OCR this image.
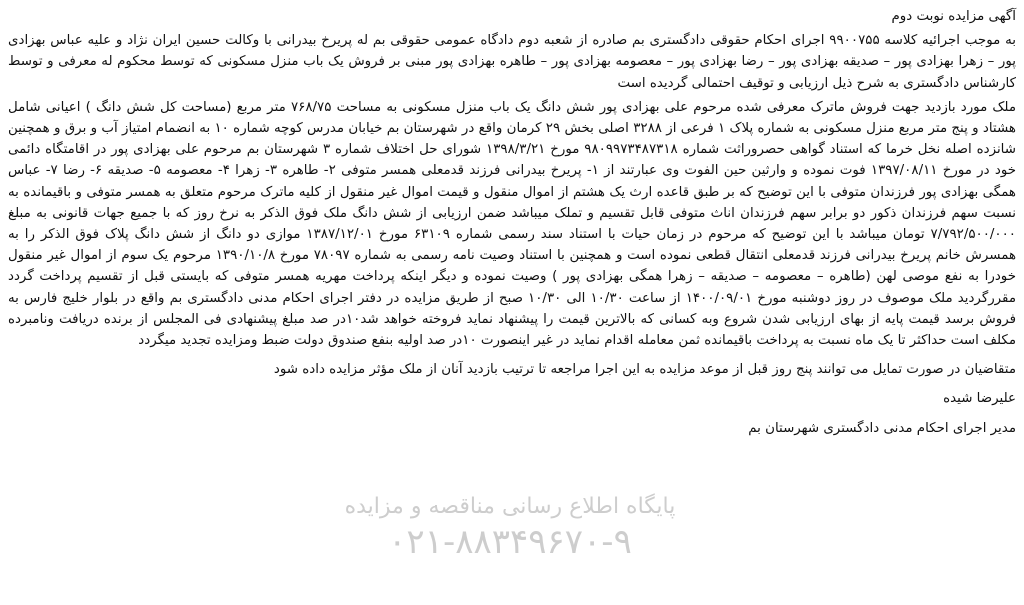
آگهی مزایده نوبت دوم

به موجب اجرائیه کلاسه ۹۹۰۰۷۵۵ اجرای احکام حقوقی دادگستری بم صادره از شعبه دوم دادگاه عمومی حقوقی بم له پریرخ بیدرانی با وکالت حسین ایران نژاد و علیه عباس بهزادی پور – زهرا بهزادی پور – صدیقه بهزادی پور – رضا بهزادی پور – معصومه بهزادی پور – طاهره بهزادی پور مبنی بر فروش یک باب منزل مسکونی که توسط محکوم له معرفی و توسط کارشناس دادگستری به شرح ذیل ارزیابی و توقیف احتمالی گردیده است

ملک مورد بازدید جهت فروش ماترک معرفی شده مرحوم علی بهزادی پور شش دانگ یک باب منزل مسکونی به مساحت ۷۶۸/۷۵ متر مربع (مساحت کل شش دانگ ) اعیانی شامل هشتاد و پنج متر مربع منزل مسکونی به شماره پلاک ۱ فرعی از ۳۲۸۸ اصلی بخش ۲۹ کرمان واقع در شهرستان بم خیابان مدرس کوچه شماره ۱۰ به انضمام امتیاز آب و برق و همچنین شانزده اصله نخل خرما که استناد گواهی حصروراثت شماره ۹۸۰۹۹۷۳۴۸۷۳۱۸ مورخ ۱۳۹۸/۳/۲۱ شورای حل اختلاف شماره ۳ شهرستان بم مرحوم علی بهزادی پور در اقامتگاه دائمی خود در مورخ ۱۳۹۷/۰۸/۱۱ فوت نموده و وارثین حین الفوت وی عبارتند از ۱- پریرخ بیدرانی فرزند قدمعلی همسر متوفی ۲- طاهره ۳- زهرا ۴- معصومه ۵- صدیقه ۶- رضا ۷- عباس همگی بهزادی پور فرزندان متوفی با این توضیح که بر طبق قاعده ارث یک هشتم از اموال منقول و قیمت اموال غیر منقول از کلیه ماترک مرحوم متعلق به همسر متوفی و باقیمانده به نسبت سهم فرزندان ذکور دو برابر سهم فرزندان اناث متوفی قابل تقسیم و تملک میباشد ضمن ارزیابی از شش دانگ ملک فوق الذکر به نرخ روز که با جمیع جهات قانونی به مبلغ ۷/۷۹۲/۵۰۰/۰۰۰ تومان میباشد با این توضیح که مرحوم در زمان حیات با استناد سند رسمی شماره ۶۳۱۰۹ مورخ ۱۳۸۷/۱۲/۰۱ موازی دو دانگ از شش دانگ پلاک فوق الذکر را به همسرش خانم پریرخ بیدرانی فرزند قدمعلی انتقال قطعی نموده است و همچنین با استناد وصیت نامه رسمی به شماره ۷۸۰۹۷ مورخ ۱۳۹۰/۱۰/۸ مرحوم یک سوم از اموال غیر منقول خودرا به نفع موصی لهن (طاهره – معصومه – صدیقه – زهرا همگی بهزادی پور ) وصیت نموده و دیگر اینکه پرداخت مهریه همسر متوفی که بایستی قبل از تقسیم پرداخت گردد مقررگردید ملک موصوف در روز دوشنبه مورخ ۱۴۰۰/۰۹/۰۱ از ساعت ۱۰/۳۰ الی ۱۰/۳۰ صبح از طریق مزایده در دفتر اجرای احکام مدنی دادگستری بم واقع در بلوار خلیج فارس به فروش برسد قیمت پایه از بهای ارزیابی شدن شروع وبه کسانی که بالاترین قیمت را پیشنهاد نماید فروخته خواهد شد۱۰در صد مبلغ پیشنهادی فی المجلس از برنده دریافت ونامبرده مکلف است حداکثر تا یک ماه نسبت به پرداخت باقیمانده ثمن معامله اقدام نماید در غیر اینصورت ۱۰در صد اولیه بنفع صندوق دولت ضبط ومزایده تجدید میگردد

متقاضیان در صورت تمایل می توانند پنج روز قبل از موعد مزایده به این اجرا مراجعه تا ترتیب بازدید آنان از ملک مؤثر مزایده داده شود
علیرضا شیده
مدیر اجرای احکام مدنی دادگستری شهرستان بم
پایگاه اطلاع رسانی مناقصه و مزایده
۰۲۱-۸۸۳۴۹۶۷۰-۹
